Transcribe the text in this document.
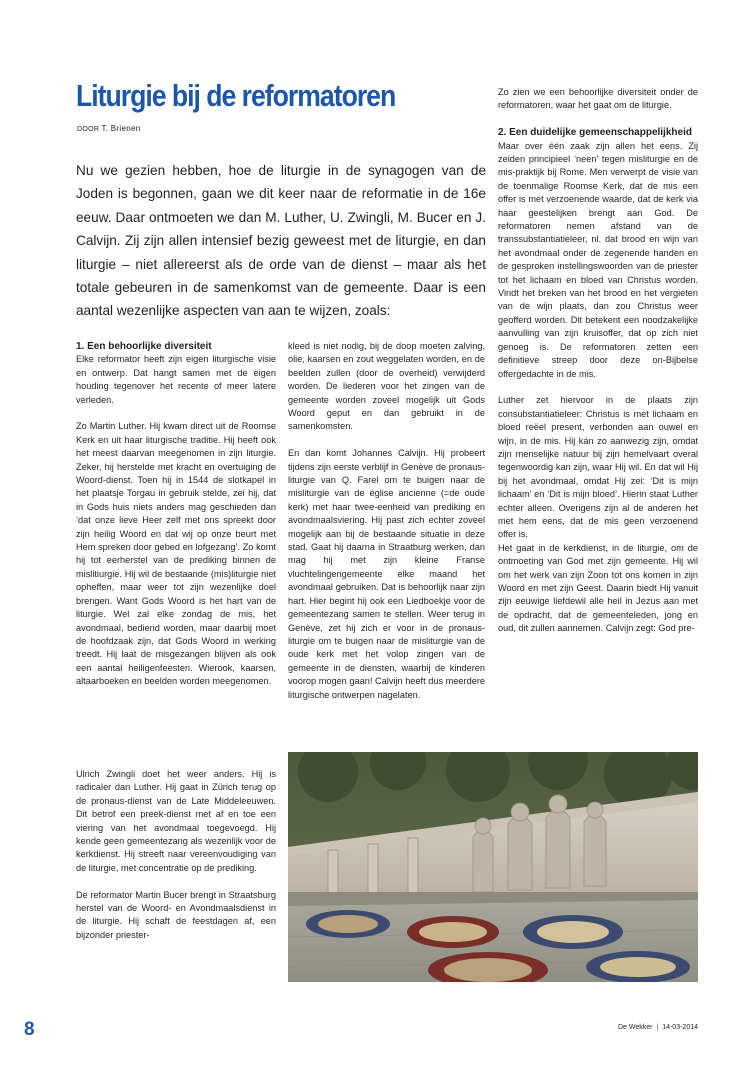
Liturgie bij de reformatoren
DOOR T. Brienen

Nu we gezien hebben, hoe de liturgie in de synagogen van de Joden is begonnen, gaan we dit keer naar de reformatie in de 16e eeuw. Daar ontmoeten we dan M. Luther, U. Zwingli, M. Bucer en J. Calvijn. Zij zijn allen intensief bezig geweest met de liturgie, en dan liturgie – niet allereerst als de orde van de dienst – maar als het totale gebeuren in de samenkomst van de gemeente. Daar is een aantal wezenlijke aspecten van aan te wijzen, zoals:

1. Een behoorlijke diversiteit

Elke reformator heeft zijn eigen liturgische visie en ontwerp. Dat hangt samen met de eigen houding tegenover het recente of meer latere verleden.

Zo Martin Luther. Hij kwam direct uit de Roomse Kerk en uit haar liturgische traditie. Hij heeft ook het meest daarvan meegenomen in zijn liturgie. Zeker, hij herstelde met kracht en overtuiging de Woord-dienst. Toen hij in 1544 de slotkapel in het plaatsje Torgau in gebruik stelde, zei hij, dat in Gods huis niets anders mag geschieden dan ‘dat onze lieve Heer zelf met ons spreekt door zijn heilig Woord en dat wij op onze beurt met Hem spreken door gebed en lofgezang’. Zo komt hij tot eerherstel van de prediking binnen de mislitiurgie. Hij wil de bestaande (mis)liturgie niet opheffen, maar weer tot zijn wezenlijke doel brengen. Want Gods Woord is het hart van de liturgie. Wel zal elke zondag de mis, het avondmaal, bediend worden, maar daarbij moet de hoofdzaak zijn, dat Gods Woord in werking treedt. Hij laat de misgezangen blijven als ook een aantal heiligenfeesten. Wierook, kaarsen, altaarboeken en beelden worden meegenomen.

Ulrich Zwingli doet het weer anders. Hij is radicaler dan Luther. Hij gaat in Zürich terug op de pronaus-dienst van de Late Middeleeuwen. Dit betrof een preek-dienst met af en toe een viering van het avondmaal toegevoegd. Hij kende geen gemeentezang als wezenlijk voor de kerkdienst. Hij streeft naar vereenvoudiging van de liturgie, met concentratie op de prediking.

De reformator Martin Bucer brengt in Straatsburg herstel van de Woord- en Avondmaalsdienst in de liturgie. Hij schaft de feestdagen af, een bijzonder priester-

kleed is niet nodig, bij de doop moeten zalving, olie, kaarsen en zout weggelaten worden, en de beelden zullen (door de overheid) verwijderd worden. De liederen voor het zingen van de gemeente worden zoveel mogelijk uit Gods Woord geput en dan gebruikt in de samenkomsten.

En dan komt Johannes Calvijn. Hij probeert tijdens zijn eerste verblijf in Genève de pronaus-liturgie van Q. Farel om te buigen naar de misliturgie van de église ancienne (=de oude kerk) met haar twee-eenheid van prediking en avondmaalsviering. Hij past zich echter zoveel mogelijk aan bij de bestaande situatie in deze stad. Gaat hij daarna in Straatburg werken, dan mag hij met zijn kleine Franse vluchtelingengemeente elke maand het avondmaal gebruiken. Dat is behoorlijk naar zijn hart. Hier begint hij ook een Liedboekje voor de gemeentezang samen te stellen. Weer terug in Genève, zet hij zich er voor in de pronaus-liturgie om te buigen naar de misliturgie van de oude kerk met het volop zingen van de gemeente in de diensten, waarbij de kinderen voorop mogen gaan! Calvijn heeft dus meerdere liturgische ontwerpen nagelaten.

Zo zien we een behoorlijke diversiteit onder de reformatoren, waar het gaat om de liturgie.

2. Een duidelijke gemeenschappelijkheid

Maar over één zaak zijn allen het eens. Zij zeiden principieel ‘neen’ tegen misliturgie en de mis-praktijk bij Rome. Men verwerpt de visie van de toenmalige Roomse Kerk, dat de mis een offer is met verzoenende waarde, dat de kerk via haar geestelijken brengt aan God. De reformatoren nemen afstand van de transsubstantiatieleer, nl. dat brood en wijn van het avondmaal onder de zegenende handen en de gesproken instellingswoorden van de priester tot het lichaam en bloed van Christus worden. Vindt het breken van het brood en het vergieten van de wijn plaats, dan zou Christus weer geofferd worden. Dit betekent een noodzakelijke aanvulling van zijn kruisoffer, dat op zich niet genoeg is. De reformatoren zetten een definitieve streep door deze on-Bijbelse offergedachte in de mis.

Luther zet hiervoor in de plaats zijn consubstantiatieleer: Christus is met lichaam en bloed reëel present, verbonden aan ouwel en wijn, in de mis. Hij kán zo aanwezig zijn, omdat zijn menselijke natuur bij zijn hemelvaart overal tegenwoordig kan zijn, waar Hij wil. En dat wil Hij bij het avondmaal, omdat Hij zei: ‘Dit is mijn lichaam’ en ‘Dit is mijn bloed’. Hierin staat Luther echter alleen. Overigens zijn al de anderen het met hem eens, dat de mis geen verzoenend offer is.

Het gaat in de kerkdienst, in de liturgie, om de ontmoeting van God met zijn gemeente. Hij wil om het werk van zijn Zoon tot ons komen in zijn Woord en met zijn Geest. Daarin biedt Hij vanuit zijn eeuwige liefdewil alle heil in Jezus aan met de opdracht, dat de gemeenteleden, jong en oud, dit zullen aannemen. Calvijn zegt: God pre-

8	De Wekker | 14-03-2014
